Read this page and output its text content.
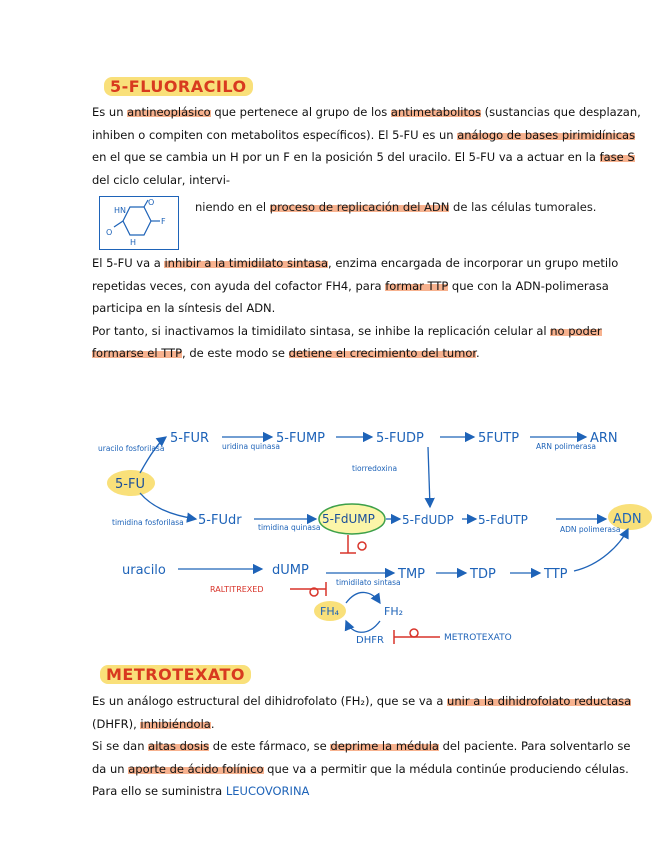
5-FLUORACILO

Es un antineoplásico que pertenece al grupo de los antimetabolitos (sustancias que desplazan, inhiben o compiten con metabolitos específicos). El 5-FU es un análogo de bases pirimidínicas en el que se cambia un H por un F en la posición 5 del uracilo. El 5-FU va a actuar en la fase S del ciclo celular, intervi-

HN
O
F
O
H
niendo en el proceso de replicación del ADN de las células tumorales.

El 5-FU va a inhibir a la timidilato sintasa, enzima encargada de incorporar un grupo metilo repetidas veces, con ayuda del cofactor FH4, para formar TTP que con la ADN-polimerasa participa en la síntesis del ADN.

Por tanto, si inactivamos la timidilato sintasa, se inhibe la replicación celular al no poder formarse el TTP, de este modo se detiene el crecimiento del tumor.

5-FU
5-FUR	5-FUMP	5-FUDP	5FUTP	ARN
5-FUdr	5-FdUMP 5-FdUDP 5-FdUTP	ADN
uracilo	dUMP	TMP	TDP	TTP
FH₄	FH₂
DHFR	METROTEXATO
uracilo fosforilasa	uridina quinasa	ARN polimerasa
tiorredoxina
timidina fosforilasa
timidina quinasa	ADN polimerasa
timidilato sintasa
RALTITREXED
METROTEXATO

Es un análogo estructural del dihidrofolato (FH₂), que se va a unir a la dihidrofolato reductasa (DHFR), inhibiéndola.

Si se dan altas dosis de este fármaco, se deprime la médula del paciente. Para solventarlo se da un aporte de ácido folínico que va a permitir que la médula continúe produciendo células. Para ello se suministra LEUCOVORINA
